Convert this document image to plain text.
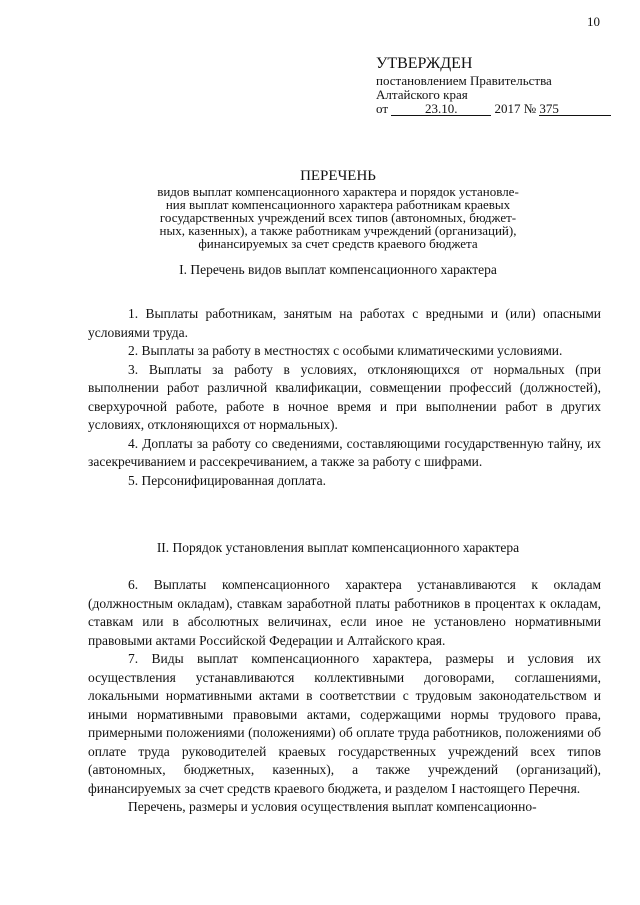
10
УТВЕРЖДЕН
постановлением Правительства
Алтайского края
от	23.10.	2017 № 375
ПЕРЕЧЕНЬ
видов выплат компенсационного характера и порядок установле-
ния выплат компенсационного характера работникам краевых
государственных учреждений всех типов (автономных, бюджет-
ных, казенных), а также работникам учреждений (организаций),
финансируемых за счет средств краевого бюджета
I. Перечень видов выплат компенсационного характера

1. Выплаты работникам, занятым на работах с вредными и (или) опасными условиями труда.

2. Выплаты за работу в местностях с особыми климатическими условиями.

3. Выплаты за работу в условиях, отклоняющихся от нормальных (при выполнении работ различной квалификации, совмещении профессий (должностей), сверхурочной работе, работе в ночное время и при выполнении работ в других условиях, отклоняющихся от нормальных).

4. Доплаты за работу со сведениями, составляющими государственную тайну, их засекречиванием и рассекречиванием, а также за работу с шифрами.

5. Персонифицированная доплата.

II. Порядок установления выплат компенсационного характера

6. Выплаты компенсационного характера устанавливаются к окладам (должностным окладам), ставкам заработной платы работников в процентах к окладам, ставкам или в абсолютных величинах, если иное не установлено нормативными правовыми актами Российской Федерации и Алтайского края.

7. Виды выплат компенсационного характера, размеры и условия их осуществления устанавливаются коллективными договорами, соглашениями, локальными нормативными актами в соответствии с трудовым законодательством и иными нормативными правовыми актами, содержащими нормы трудового права, примерными положениями (положениями) об оплате труда работников, положениями об оплате труда руководителей краевых государственных учреждений всех типов (автономных, бюджетных, казенных), а также учреждений (организаций), финансируемых за счет средств краевого бюджета, и разделом I настоящего Перечня.

Перечень, размеры и условия осуществления выплат компенсационно-
